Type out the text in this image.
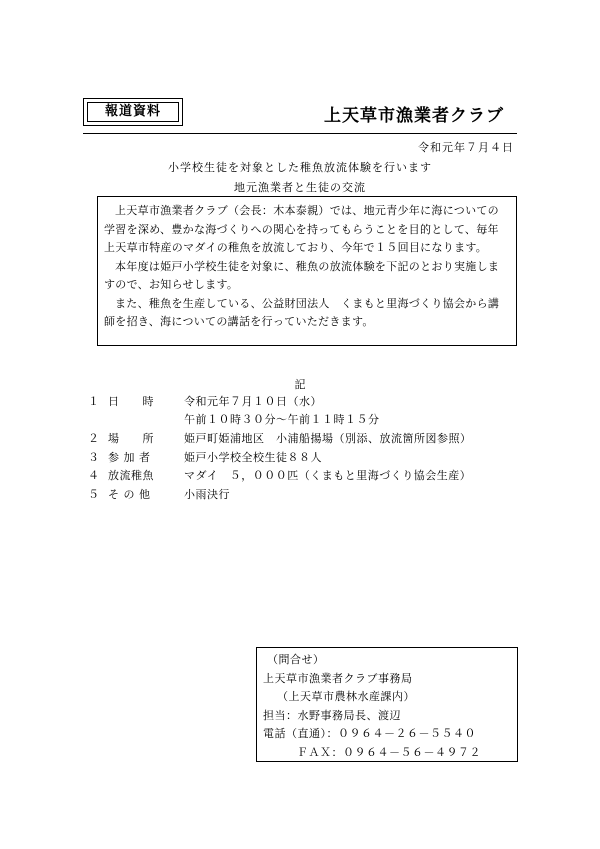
報道資料	上天草市漁業者クラブ
令和元年７月４日
小学校生徒を対象とした稚魚放流体験を行います
地元漁業者と生徒の交流

上天草市漁業者クラブ（会長：木本泰親）では、地元青少年に海についての学習を深め、豊かな海づくりへの関心を持ってもらうことを目的として、毎年上天草市特産のマダイの稚魚を放流しており、今年で１５回目になります。

本年度は姫戸小学校生徒を対象に、稚魚の放流体験を下記のとおり実施しますので、お知らせします。

また、稚魚を生産している、公益財団法人　くまもと里海づくり協会から講師を招き、海についての講話を行っていただきます。

記
１ 日　　時	令和元年７月１０日（水）
午前１０時３０分～午前１１時１５分
２ 場　　所	姫戸町姫浦地区　小浦船揚場（別添、放流箇所図参照）
３ 参 加 者	姫戸小学校全校生徒８８人
４ 放流稚魚	マダイ　５，０００匹（くまもと里海づくり協会生産）
５ そ の 他	小雨決行
（問合せ）
上天草市漁業者クラブ事務局
（上天草市農林水産課内）
担当：水野事務局長、渡辺
電話（直通）：０９６４－２６－５５４０
ＦＡＸ：０９６４－５６－４９７２
